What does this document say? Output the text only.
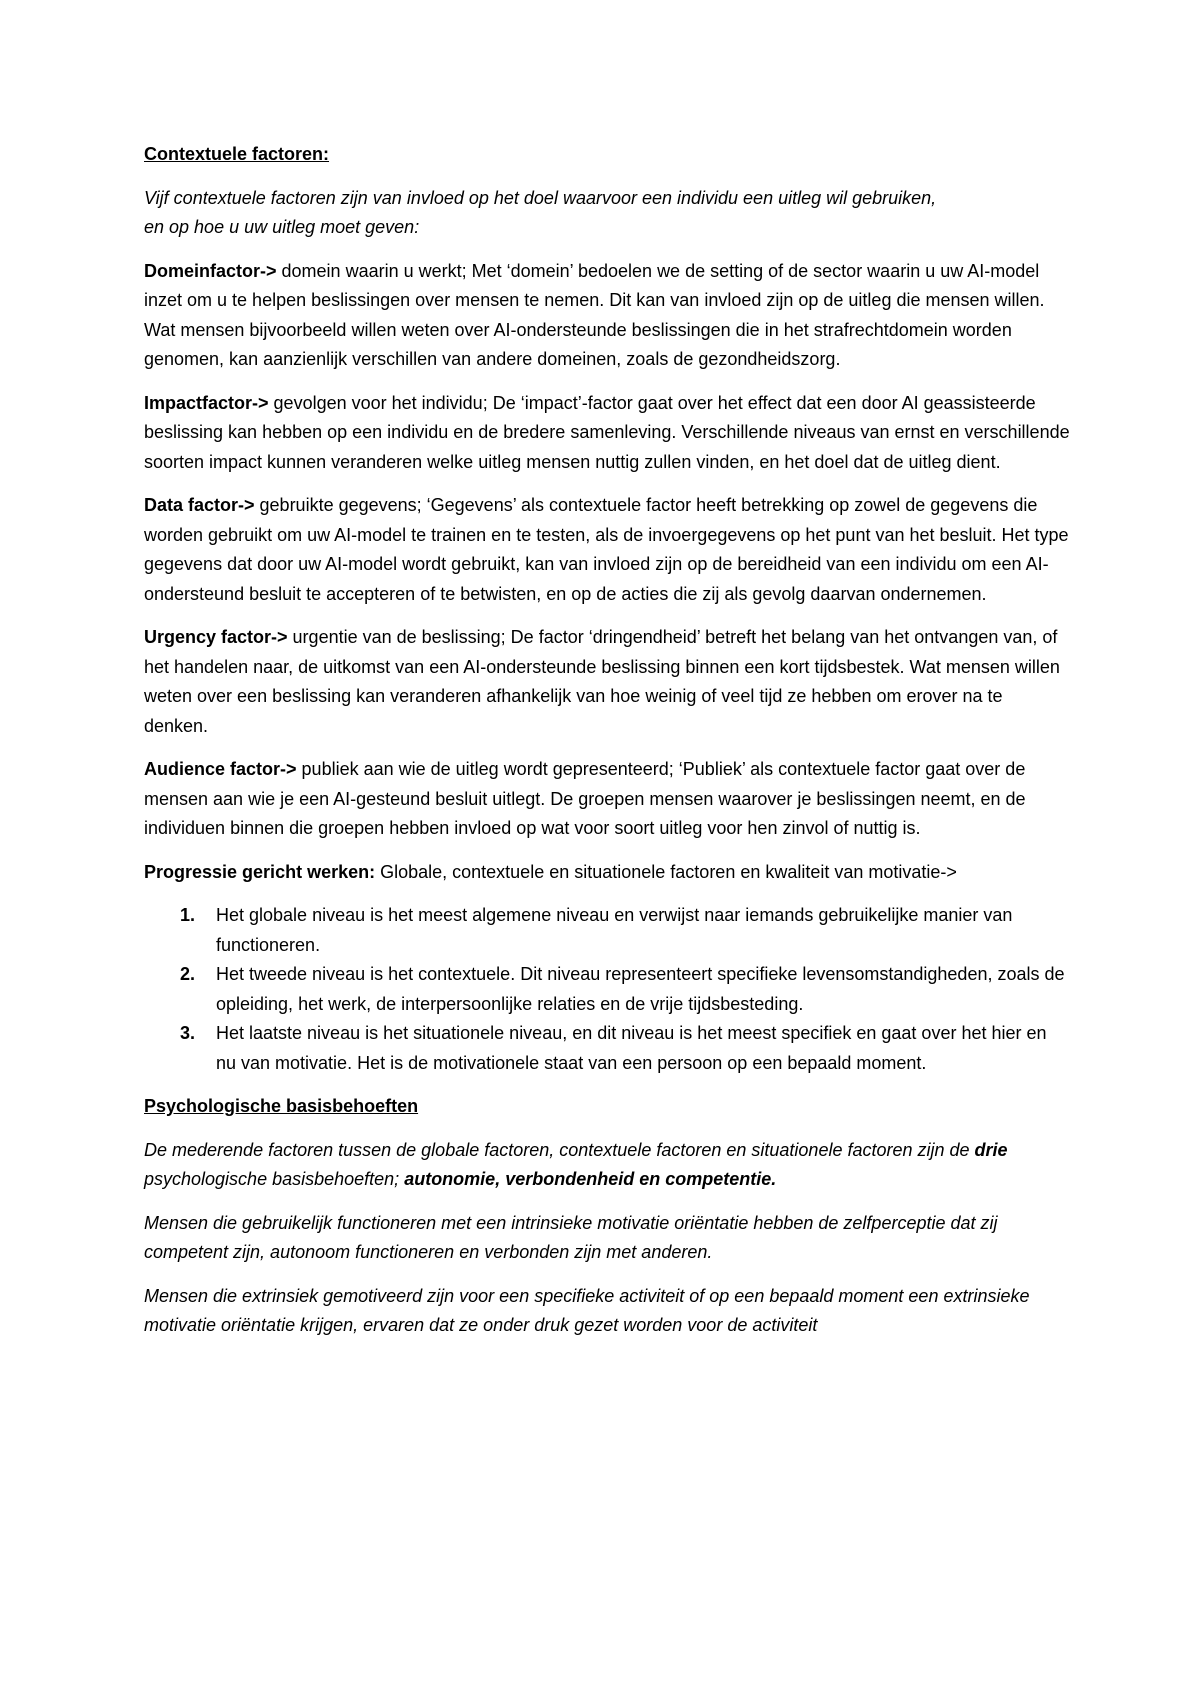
Contextuele factoren:

Vijf contextuele factoren zijn van invloed op het doel waarvoor een individu een uitleg wil gebruiken,
en op hoe u uw uitleg moet geven:

Domeinfactor-> domein waarin u werkt; Met ‘domein’ bedoelen we de setting of de sector waarin u uw AI-model inzet om u te helpen beslissingen over mensen te nemen. Dit kan van invloed zijn op de uitleg die mensen willen. Wat mensen bijvoorbeeld willen weten over AI-ondersteunde beslissingen die in het strafrechtdomein worden genomen, kan aanzienlijk verschillen van andere domeinen, zoals de gezondheidszorg.

Impactfactor-> gevolgen voor het individu; De ‘impact’-factor gaat over het effect dat een door AI geassisteerde beslissing kan hebben op een individu en de bredere samenleving. Verschillende niveaus van ernst en verschillende soorten impact kunnen veranderen welke uitleg mensen nuttig zullen vinden, en het doel dat de uitleg dient.

Data factor-> gebruikte gegevens; ‘Gegevens’ als contextuele factor heeft betrekking op zowel de gegevens die worden gebruikt om uw AI-model te trainen en te testen, als de invoergegevens op het punt van het besluit. Het type gegevens dat door uw AI-model wordt gebruikt, kan van invloed zijn op de bereidheid van een individu om een AI-ondersteund besluit te accepteren of te betwisten, en op de acties die zij als gevolg daarvan ondernemen.

Urgency factor-> urgentie van de beslissing; De factor ‘dringendheid’ betreft het belang van het ontvangen van, of het handelen naar, de uitkomst van een AI-ondersteunde beslissing binnen een kort tijdsbestek. Wat mensen willen weten over een beslissing kan veranderen afhankelijk van hoe weinig of veel tijd ze hebben om erover na te denken.

Audience factor-> publiek aan wie de uitleg wordt gepresenteerd; ‘Publiek’ als contextuele factor gaat over de mensen aan wie je een AI-gesteund besluit uitlegt. De groepen mensen waarover je beslissingen neemt, en de individuen binnen die groepen hebben invloed op wat voor soort uitleg voor hen zinvol of nuttig is.

Progressie gericht werken: Globale, contextuele en situationele factoren en kwaliteit van motivatie->

1. Het globale niveau is het meest algemene niveau en verwijst naar iemands gebruikelijke manier van functioneren.
2. Het tweede niveau is het contextuele. Dit niveau representeert specifieke levensomstandigheden, zoals de opleiding, het werk, de interpersoonlijke relaties en de vrije tijdsbesteding.
3. Het laatste niveau is het situationele niveau, en dit niveau is het meest specifiek en gaat over het hier en nu van motivatie. Het is de motivationele staat van een persoon op een bepaald moment.
Psychologische basisbehoeften

De mederende factoren tussen de globale factoren, contextuele factoren en situationele factoren zijn de drie psychologische basisbehoeften; autonomie, verbondenheid en competentie.

Mensen die gebruikelijk functioneren met een intrinsieke motivatie oriëntatie hebben de zelfperceptie dat zij competent zijn, autonoom functioneren en verbonden zijn met anderen.

Mensen die extrinsiek gemotiveerd zijn voor een specifieke activiteit of op een bepaald moment een extrinsieke motivatie oriëntatie krijgen, ervaren dat ze onder druk gezet worden voor de activiteit
